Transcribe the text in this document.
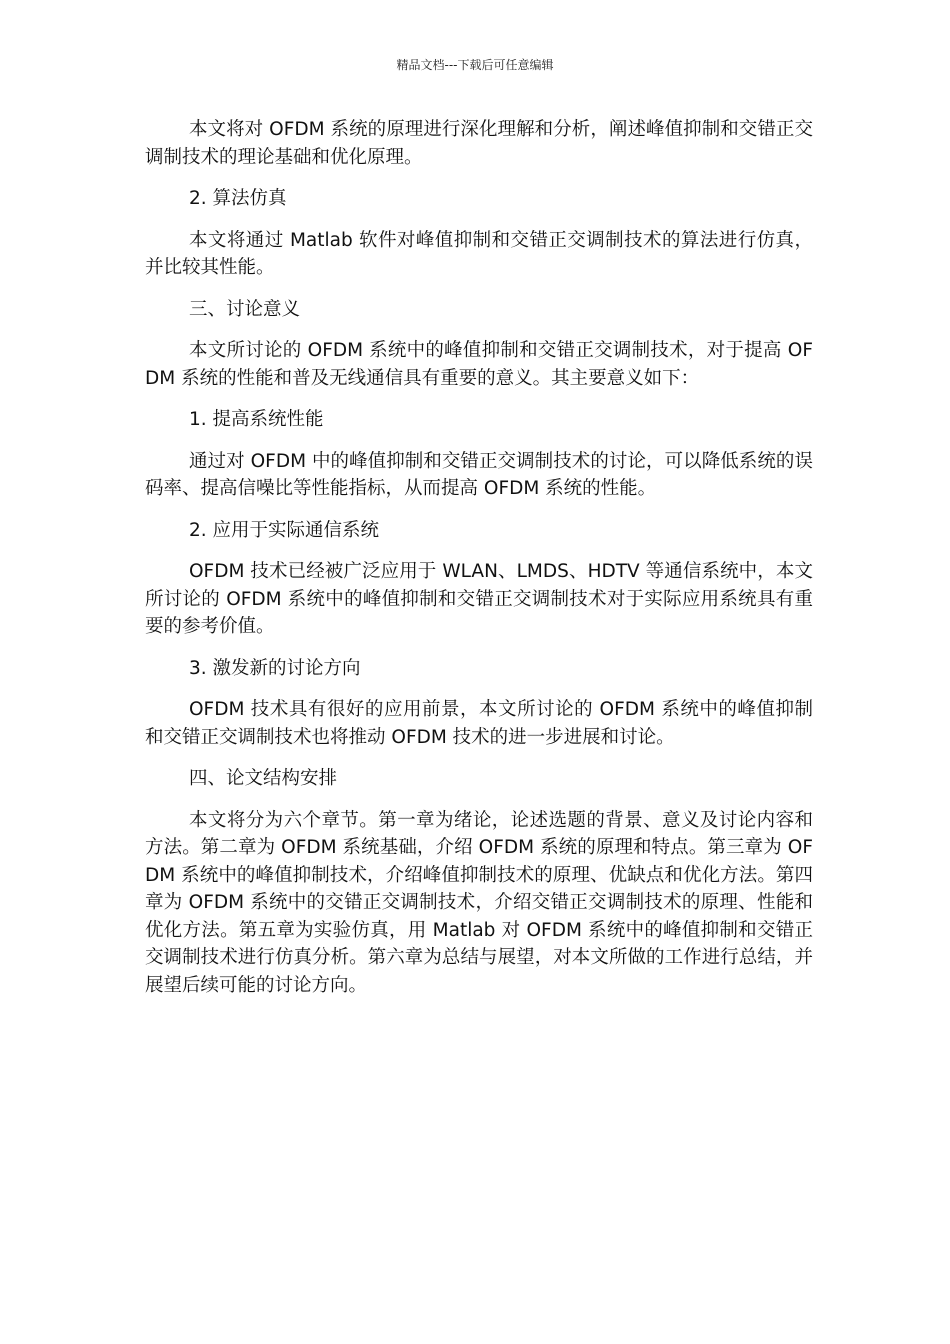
精品文档---下载后可任意编辑

本文将对 OFDM 系统的原理进行深化理解和分析，阐述峰值抑制和交错正交调制技术的理论基础和优化原理。

2. 算法仿真

本文将通过 Matlab 软件对峰值抑制和交错正交调制技术的算法进行仿真，并比较其性能。

三、讨论意义

本文所讨论的 OFDM 系统中的峰值抑制和交错正交调制技术，对于提高 OFDM 系统的性能和普及无线通信具有重要的意义。其主要意义如下：

1. 提高系统性能

通过对 OFDM 中的峰值抑制和交错正交调制技术的讨论，可以降低系统的误码率、提高信噪比等性能指标，从而提高 OFDM 系统的性能。

2. 应用于实际通信系统

OFDM 技术已经被广泛应用于 WLAN、LMDS、HDTV 等通信系统中，本文所讨论的 OFDM 系统中的峰值抑制和交错正交调制技术对于实际应用系统具有重要的参考价值。

3. 激发新的讨论方向

OFDM 技术具有很好的应用前景，本文所讨论的 OFDM 系统中的峰值抑制和交错正交调制技术也将推动 OFDM 技术的进一步进展和讨论。

四、论文结构安排

本文将分为六个章节。第一章为绪论，论述选题的背景、意义及讨论内容和方法。第二章为 OFDM 系统基础，介绍 OFDM 系统的原理和特点。第三章为 OFDM 系统中的峰值抑制技术，介绍峰值抑制技术的原理、优缺点和优化方法。第四章为 OFDM 系统中的交错正交调制技术，介绍交错正交调制技术的原理、性能和优化方法。第五章为实验仿真，用 Matlab 对 OFDM 系统中的峰值抑制和交错正交调制技术进行仿真分析。第六章为总结与展望，对本文所做的工作进行总结，并展望后续可能的讨论方向。
